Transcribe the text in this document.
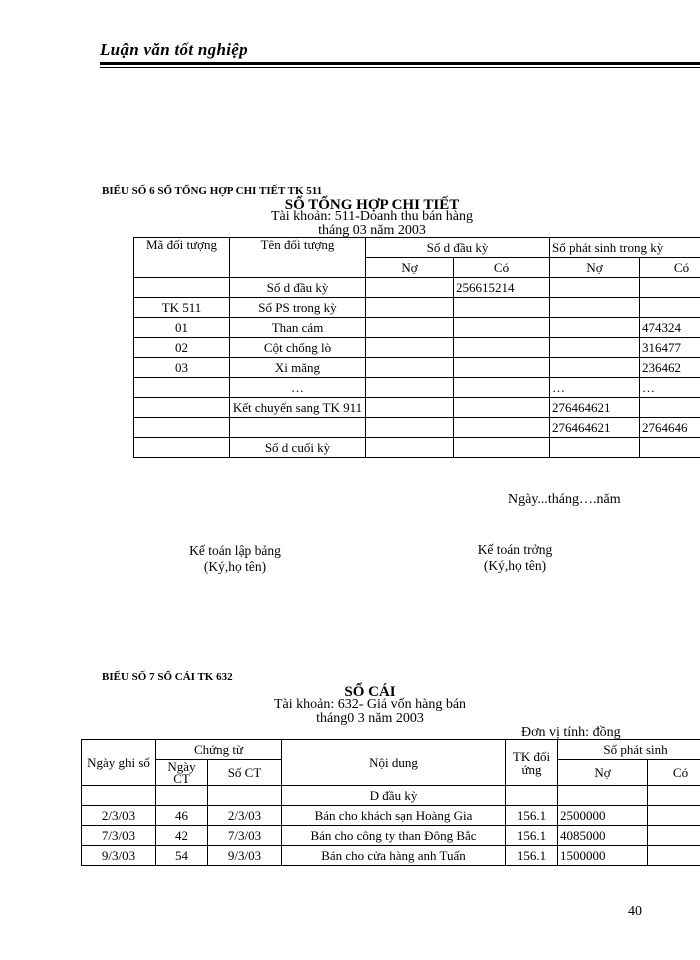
Luận văn tốt nghiệp
BIỂU SỐ 6 SỔ TỔNG HỢP CHI TIẾT TK 511
SỔ TỔNG HỢP CHI TIẾT
Tài khoản: 511-Doanh thu bán hàng
tháng 03 năm 2003
Mã đối tượng	Tên đối tượng	Số d đầu kỳ		Số phát sinh trong kỳ	
		Nợ	Có	Nợ	Có
	Số d đầu kỳ		256615214		
TK 511	Số PS trong kỳ				
01	Than cám				474324
02	Cột chống lò				316477
03	Xi măng				236462
	…			…	…
	Kết chuyển sang TK 911			276464621	
				276464621	2764646
	Số d cuối kỳ				
Ngày...tháng….năm
Kế toán lập bảng
(Ký,họ tên)
Kế toán trởng
(Ký,họ tên)
BIỂU SỐ 7 SỔ CÁI TK 632
SỔ CÁI
Tài khoản: 632- Giá vốn hàng bán
tháng0 3 năm 2003
Đơn vị tính: đồng
Ngày ghi sổ	Chứng từ		Nội dung	TK đối ứng	Số phát sinh	
	Ngày CT	Số CT			Nợ	Có
			D đầu kỳ			
2/3/03	46	2/3/03	Bán cho khách sạn Hoàng Gia	156.1	2500000	
7/3/03	42	7/3/03	Bán cho công ty than Đông Bắc	156.1	4085000	
9/3/03	54	9/3/03	Bán cho cửa hàng anh Tuấn	156.1	1500000	
40
